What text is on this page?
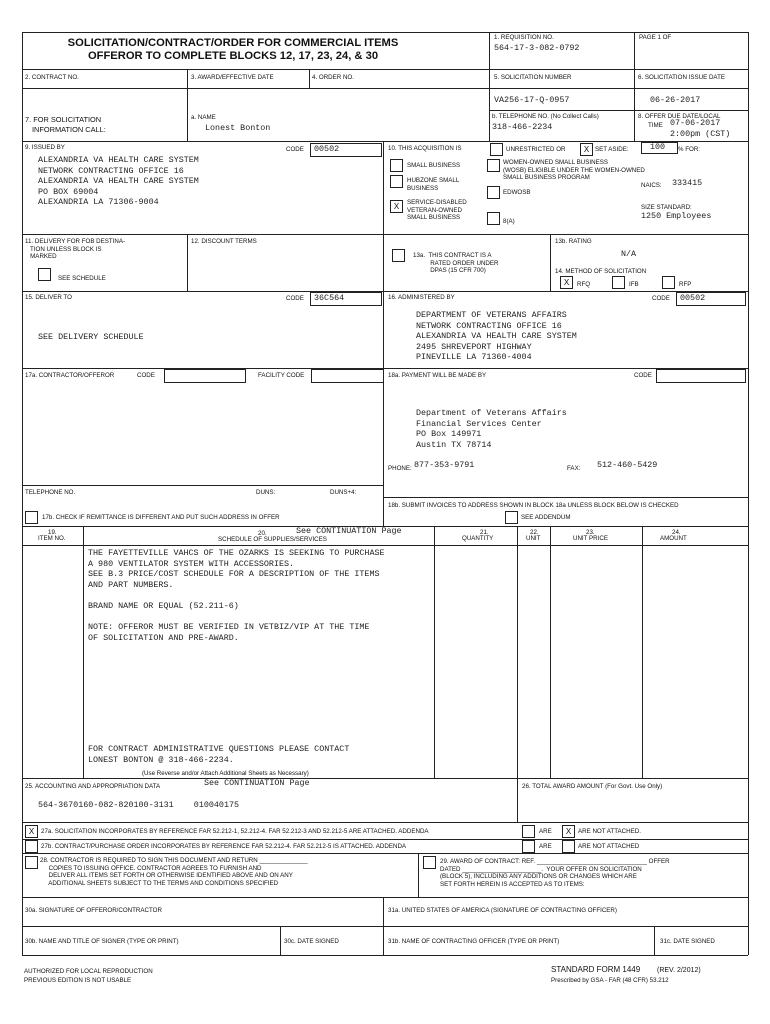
SOLICITATION/CONTRACT/ORDER FOR COMMERCIAL ITEMS
OFFEROR TO COMPLETE BLOCKS 12, 17, 23, 24, & 30
1. REQUISITION NO.
564-17-3-082-0792
PAGE 1 OF
2. CONTRACT NO.	3. AWARD/EFFECTIVE DATE	4. ORDER NO.	5. SOLICITATION NUMBER
VA256-17-Q-0957
6. SOLICITATION ISSUE DATE
06-26-2017
7. FOR SOLICITATION
INFORMATION CALL:
a. NAME
Lonest Bonton
b. TELEPHONE NO. (No Collect Calls)
318-466-2234
8. OFFER DUE DATE/LOCAL
TIME 07-06-2017
2:00pm (CST)
9. ISSUED BY	CODE 00502
ALEXANDRIA VA HEALTH CARE SYSTEM
NETWORK CONTRACTING OFFICE 16
ALEXANDRIA VA HEALTH CARE SYSTEM
PO BOX 69004
ALEXANDRIA LA 71306-9004
10. THIS ACQUISITION IS	UNRESTRICTED OR	X SET ASIDE:	100 % FOR:
SMALL BUSINESS
HUBZONE SMALL
BUSINESS
X	SERVICE-DISABLED
VETERAN-OWNED
SMALL BUSINESS
WOMEN-OWNED SMALL BUSINESS
(WOSB) ELIGIBLE UNDER THE WOMEN-OWNED
SMALL BUSINESS PROGRAM
EDWOSB
8(A)
NAICS: 333415
SIZE STANDARD:
1250 Employees
11. DELIVERY FOR FOB DESTINA-
TION UNLESS BLOCK IS
MARKED
SEE SCHEDULE
12. DISCOUNT TERMS
13a.  THIS CONTRACT IS A
RATED ORDER UNDER
DPAS (15 CFR 700)
13b. RATING
N/A
14. METHOD OF SOLICITATION
X	RFQ	IFB	RFP
15. DELIVER TO	CODE 36C564
SEE DELIVERY SCHEDULE
16. ADMINISTERED BY	CODE 00502
DEPARTMENT OF VETERANS AFFAIRS
NETWORK CONTRACTING OFFICE 16
ALEXANDRIA VA HEALTH CARE SYSTEM
2495 SHREVEPORT HIGHWAY
PINEVILLE LA 71360-4004
17a. CONTRACTOR/OFFEROR	CODE	FACILITY CODE	18a. PAYMENT WILL BE MADE BY	CODE
Department of Veterans Affairs
Financial Services Center
PO Box 149971
Austin TX 78714
PHONE: 877-353-9791	FAX: 512-460-5429
TELEPHONE NO.	DUNS:	DUNS+4:
17b. CHECK IF REMITTANCE IS DIFFERENT AND PUT SUCH ADDRESS IN OFFER
18b. SUBMIT INVOICES TO ADDRESS SHOWN IN BLOCK 18a UNLESS BLOCK BELOW IS CHECKED
SEE ADDENDUM
19.
ITEM NO.
20.	See CONTINUATION Page
SCHEDULE OF SUPPLIES/SERVICES
21.
QUANTITY
22.
UNIT
23.
UNIT PRICE
24.
AMOUNT
THE FAYETTEVILLE VAHCS OF THE OZARKS IS SEEKING TO PURCHASE
A 980 VENTILATOR SYSTEM WITH ACCESSORIES.
SEE B.3 PRICE/COST SCHEDULE FOR A DESCRIPTION OF THE ITEMS
AND PART NUMBERS.

BRAND NAME OR EQUAL (52.211-6)

NOTE: OFFEROR MUST BE VERIFIED IN VETBIZ/VIP AT THE TIME
OF SOLICITATION AND PRE-AWARD.
FOR CONTRACT ADMINISTRATIVE QUESTIONS PLEASE CONTACT
LONEST BONTON @ 318-466-2234.
(Use Reverse and/or Attach Additional Sheets as Necessary)
25. ACCOUNTING AND APPROPRIATION DATA	See CONTINUATION Page
564-3670160-082-820100-3131    010040175
26. TOTAL AWARD AMOUNT (For Govt. Use Only)
X	27a. SOLICITATION INCORPORATES BY REFERENCE FAR 52.212-1, 52.212-4. FAR 52.212-3 AND 52.212-5 ARE ATTACHED. ADDENDA	ARE	X	ARE NOT ATTACHED.
27b. CONTRACT/PURCHASE ORDER INCORPORATES BY REFERENCE FAR 52.212-4. FAR 52.212-5 IS ATTACHED. ADDENDA	ARE	ARE NOT ATTACHED
28. CONTRACTOR IS REQUIRED TO SIGN THIS DOCUMENT AND RETURN ______________
COPIES TO ISSUING OFFICE. CONTRACTOR AGREES TO FURNISH AND
DELIVER ALL ITEMS SET FORTH OR OTHERWISE IDENTIFIED ABOVE AND ON ANY
ADDITIONAL SHEETS SUBJECT TO THE TERMS AND CONDITIONS SPECIFIED
29. AWARD OF CONTRACT: REF. ________________________________ OFFER
DATED _______________________.  YOUR OFFER ON SOLICITATION
(BLOCK 5), INCLUDING ANY ADDITIONS OR CHANGES WHICH ARE
SET FORTH HEREIN IS ACCEPTED AS TO ITEMS:
30a. SIGNATURE OF OFFEROR/CONTRACTOR	31a. UNITED STATES OF AMERICA (SIGNATURE OF CONTRACTING OFFICER)
30b. NAME AND TITLE OF SIGNER (TYPE OR PRINT)	30c. DATE SIGNED	31b. NAME OF CONTRACTING OFFICER (TYPE OR PRINT)	31c. DATE SIGNED
AUTHORIZED FOR LOCAL REPRODUCTION
PREVIOUS EDITION IS NOT USABLE
STANDARD FORM 1449 (REV. 2/2012)
Prescribed by GSA - FAR (48 CFR) 53.212
